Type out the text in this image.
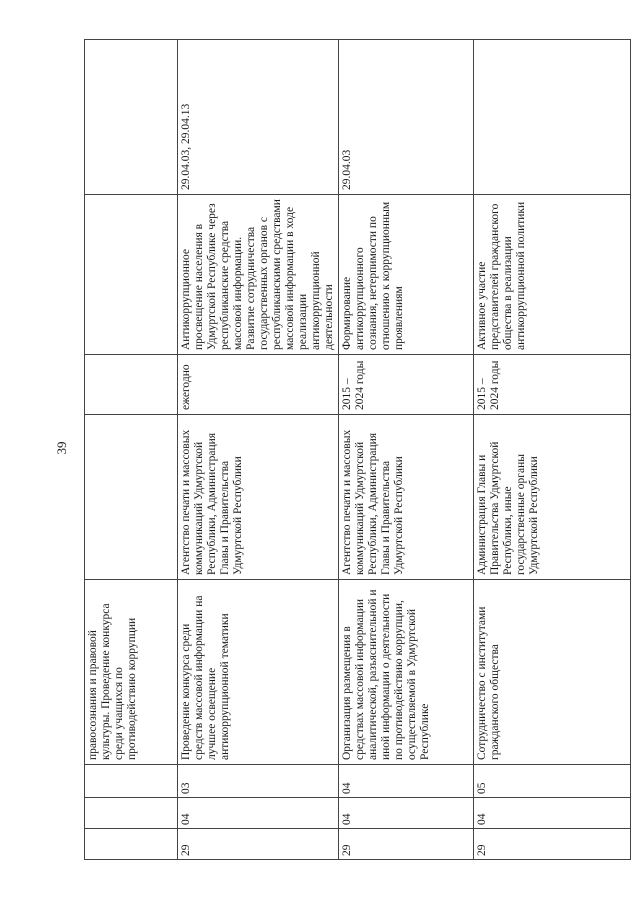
39
			правосознания и правовой культуры. Проведение конкурса среди учащихся по противодействию коррупции				
29	04	03	Проведение конкурса среди средств массовой информации на лучшее освещение антикоррупционной тематики	Агентство печати и массовых коммуникаций Удмуртской Республики, Администрация Главы и Правительства Удмуртской Республики	ежегодно	Антикоррупционное просвещение населения в Удмуртской Республике через республиканские средства массовой информации. Развитие сотрудничества государственных органов с республиканскими средствами массовой информации в ходе реализации антикоррупционной деятельности	29.04.03, 29.04.13
29	04	04	Организация размещения в средствах массовой информации аналитической, разъяснительной и иной информации о деятельности по противодействию коррупции, осуществляемой в Удмуртской Республике	Агентство печати и массовых коммуникаций Удмуртской Республики, Администрация Главы и Правительства Удмуртской Республики	2015 – 2024 годы	Формирование антикоррупционного сознания, нетерпимости по отношению к коррупционным проявлениям	29.04.03
29	04	05	Сотрудничество с институтами гражданского общества	Администрация Главы и Правительства Удмуртской Республики, иные государственные органы Удмуртской Республики	2015 – 2024 годы	Активное участие представителей гражданского общества в реализации антикоррупционной политики	
